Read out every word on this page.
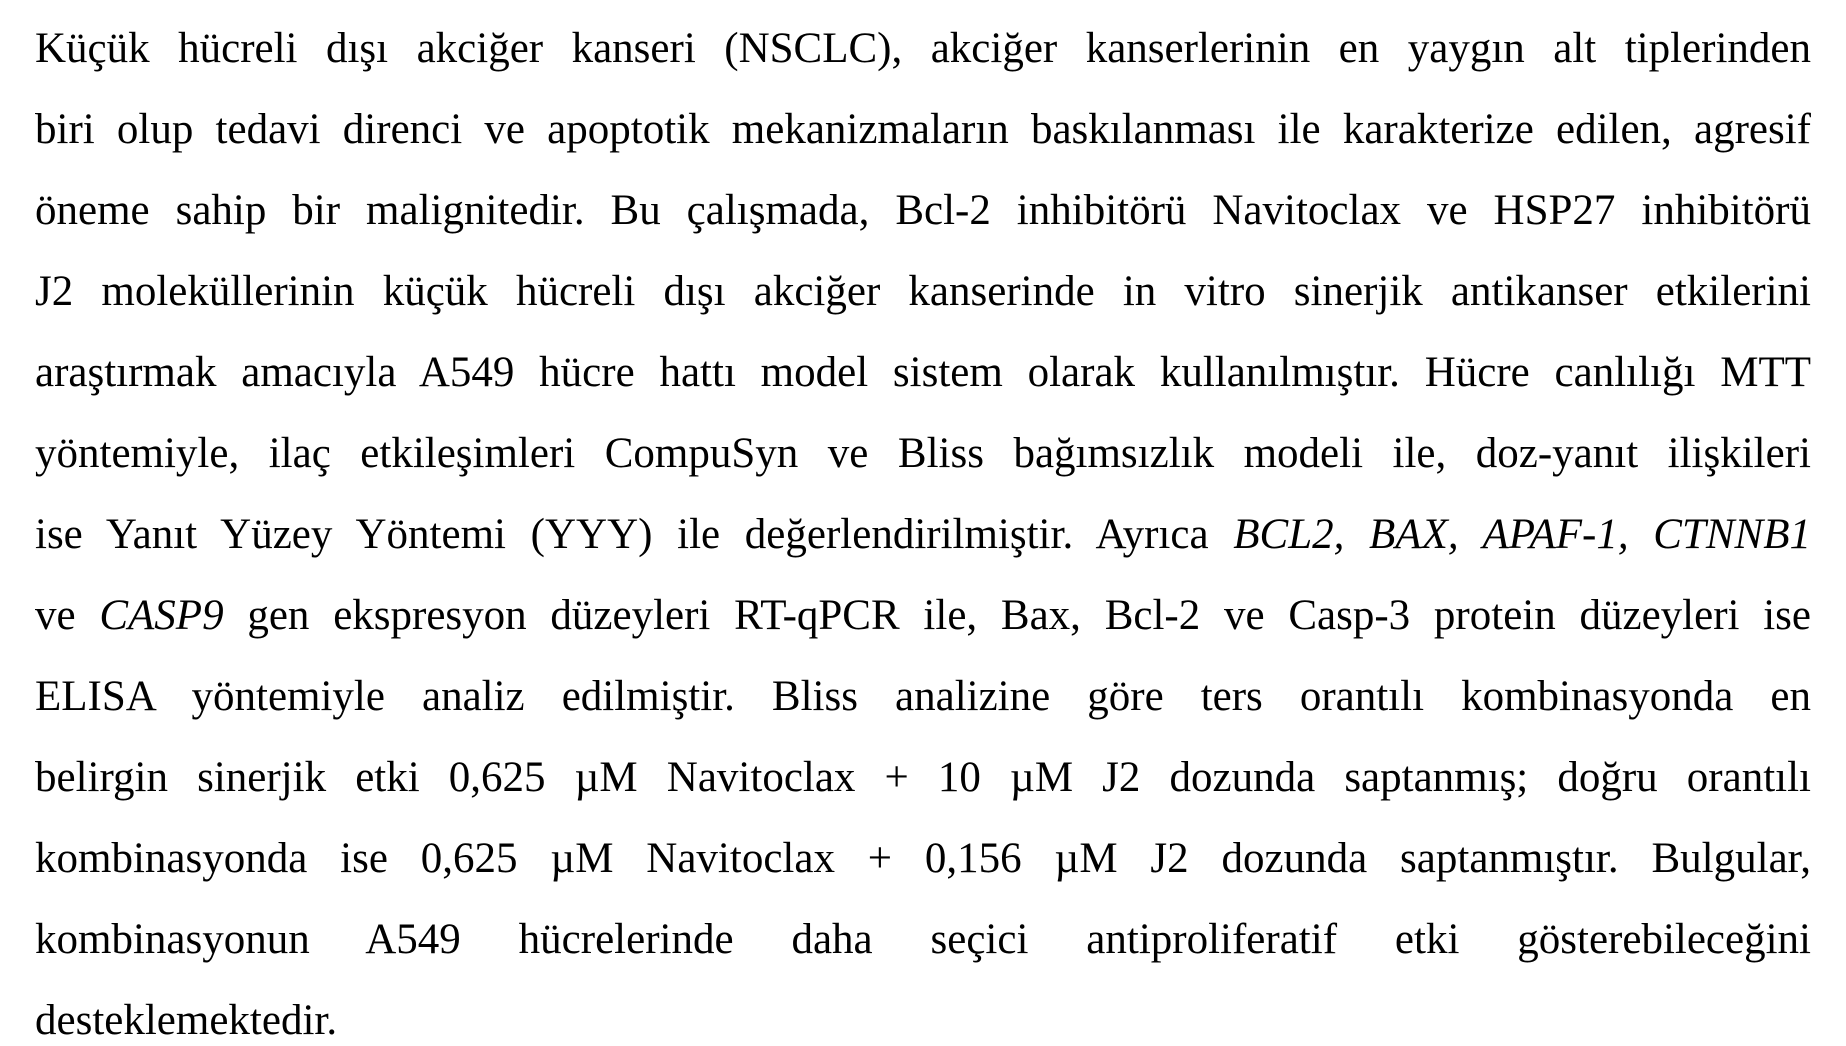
Küçük hücreli dışı akciğer kanseri (NSCLC), akciğer kanserlerinin en yaygın alt tiplerinden
biri olup tedavi direnci ve apoptotik mekanizmaların baskılanması ile karakterize edilen, agresif
öneme sahip bir malignitedir. Bu çalışmada, Bcl-2 inhibitörü Navitoclax ve HSP27 inhibitörü
J2 moleküllerinin küçük hücreli dışı akciğer kanserinde in vitro sinerjik antikanser etkilerini
araştırmak amacıyla A549 hücre hattı model sistem olarak kullanılmıştır. Hücre canlılığı MTT
yöntemiyle, ilaç etkileşimleri CompuSyn ve Bliss bağımsızlık modeli ile, doz-yanıt ilişkileri
ise Yanıt Yüzey Yöntemi (YYY) ile değerlendirilmiştir. Ayrıca BCL2, BAX, APAF-1, CTNNB1
ve CASP9 gen ekspresyon düzeyleri RT-qPCR ile, Bax, Bcl-2 ve Casp-3 protein düzeyleri ise
ELISA yöntemiyle analiz edilmiştir. Bliss analizine göre ters orantılı kombinasyonda en
belirgin sinerjik etki 0,625 µM Navitoclax + 10 µM J2 dozunda saptanmış; doğru orantılı
kombinasyonda ise 0,625 µM Navitoclax + 0,156 µM J2 dozunda saptanmıştır. Bulgular,
kombinasyonun A549 hücrelerinde daha seçici antiproliferatif etki gösterebileceğini
desteklemektedir.
